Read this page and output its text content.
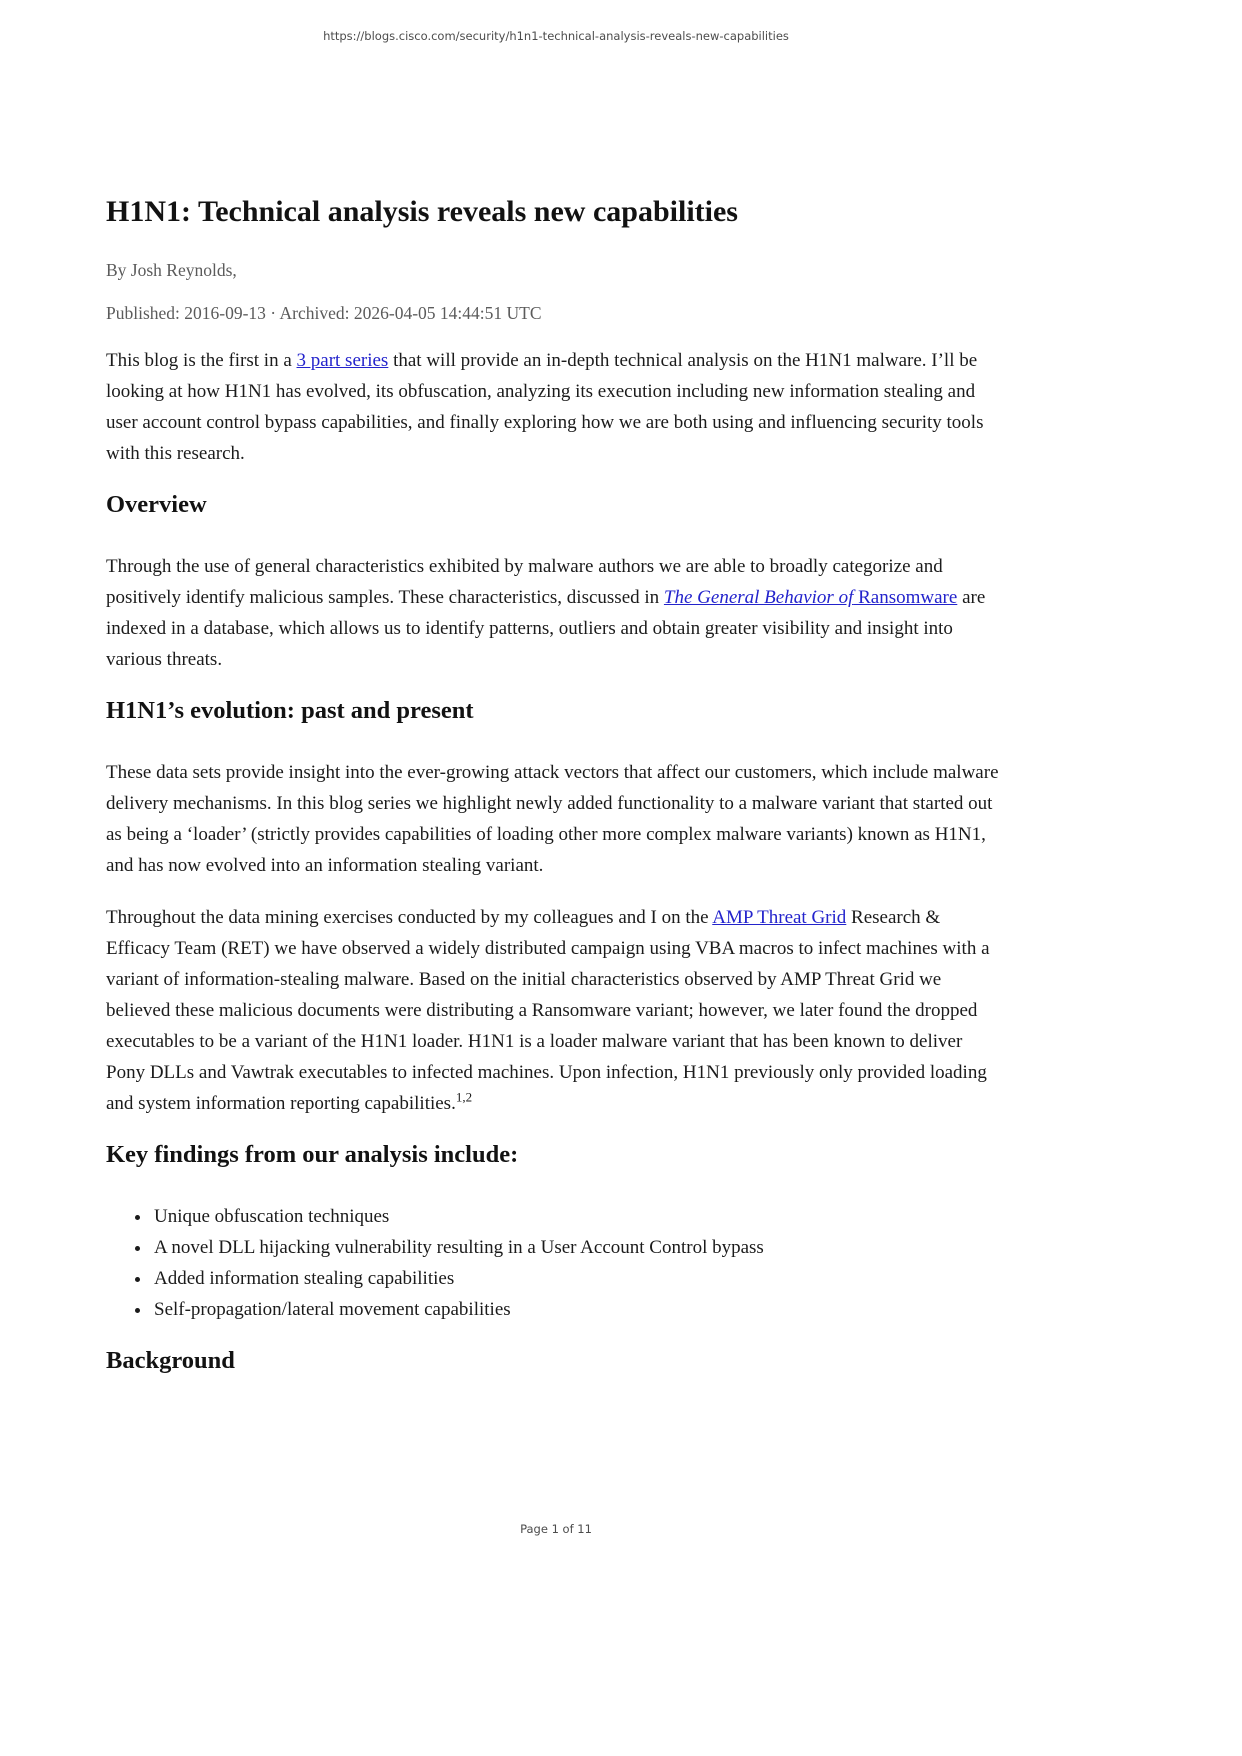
https://blogs.cisco.com/security/h1n1-technical-analysis-reveals-new-capabilities
H1N1: Technical analysis reveals new capabilities

By Josh Reynolds,

Published: 2016-09-13 · Archived: 2026-04-05 14:44:51 UTC

This blog is the first in a 3 part series that will provide an in-depth technical analysis on the H1N1 malware. I’ll be looking at how H1N1 has evolved, its obfuscation, analyzing its execution including new information stealing and user account control bypass capabilities, and finally exploring how we are both using and influencing security tools with this research.

Overview

Through the use of general characteristics exhibited by malware authors we are able to broadly categorize and positively identify malicious samples. These characteristics, discussed in The General Behavior of Ransomware are indexed in a database, which allows us to identify patterns, outliers and obtain greater visibility and insight into various threats.

H1N1’s evolution: past and present

These data sets provide insight into the ever-growing attack vectors that affect our customers, which include malware delivery mechanisms. In this blog series we highlight newly added functionality to a malware variant that started out as being a ‘loader’ (strictly provides capabilities of loading other more complex malware variants) known as H1N1, and has now evolved into an information stealing variant.

Throughout the data mining exercises conducted by my colleagues and I on the AMP Threat Grid Research & Efficacy Team (RET) we have observed a widely distributed campaign using VBA macros to infect machines with a variant of information-stealing malware. Based on the initial characteristics observed by AMP Threat Grid we believed these malicious documents were distributing a Ransomware variant; however, we later found the dropped executables to be a variant of the H1N1 loader. H1N1 is a loader malware variant that has been known to deliver Pony DLLs and Vawtrak executables to infected machines. Upon infection, H1N1 previously only provided loading and system information reporting capabilities.$^{1,2}$

Key findings from our analysis include:
• Unique obfuscation techniques
• A novel DLL hijacking vulnerability resulting in a User Account Control bypass
• Added information stealing capabilities
• Self-propagation/lateral movement capabilities
Background
Page 1 of 11
